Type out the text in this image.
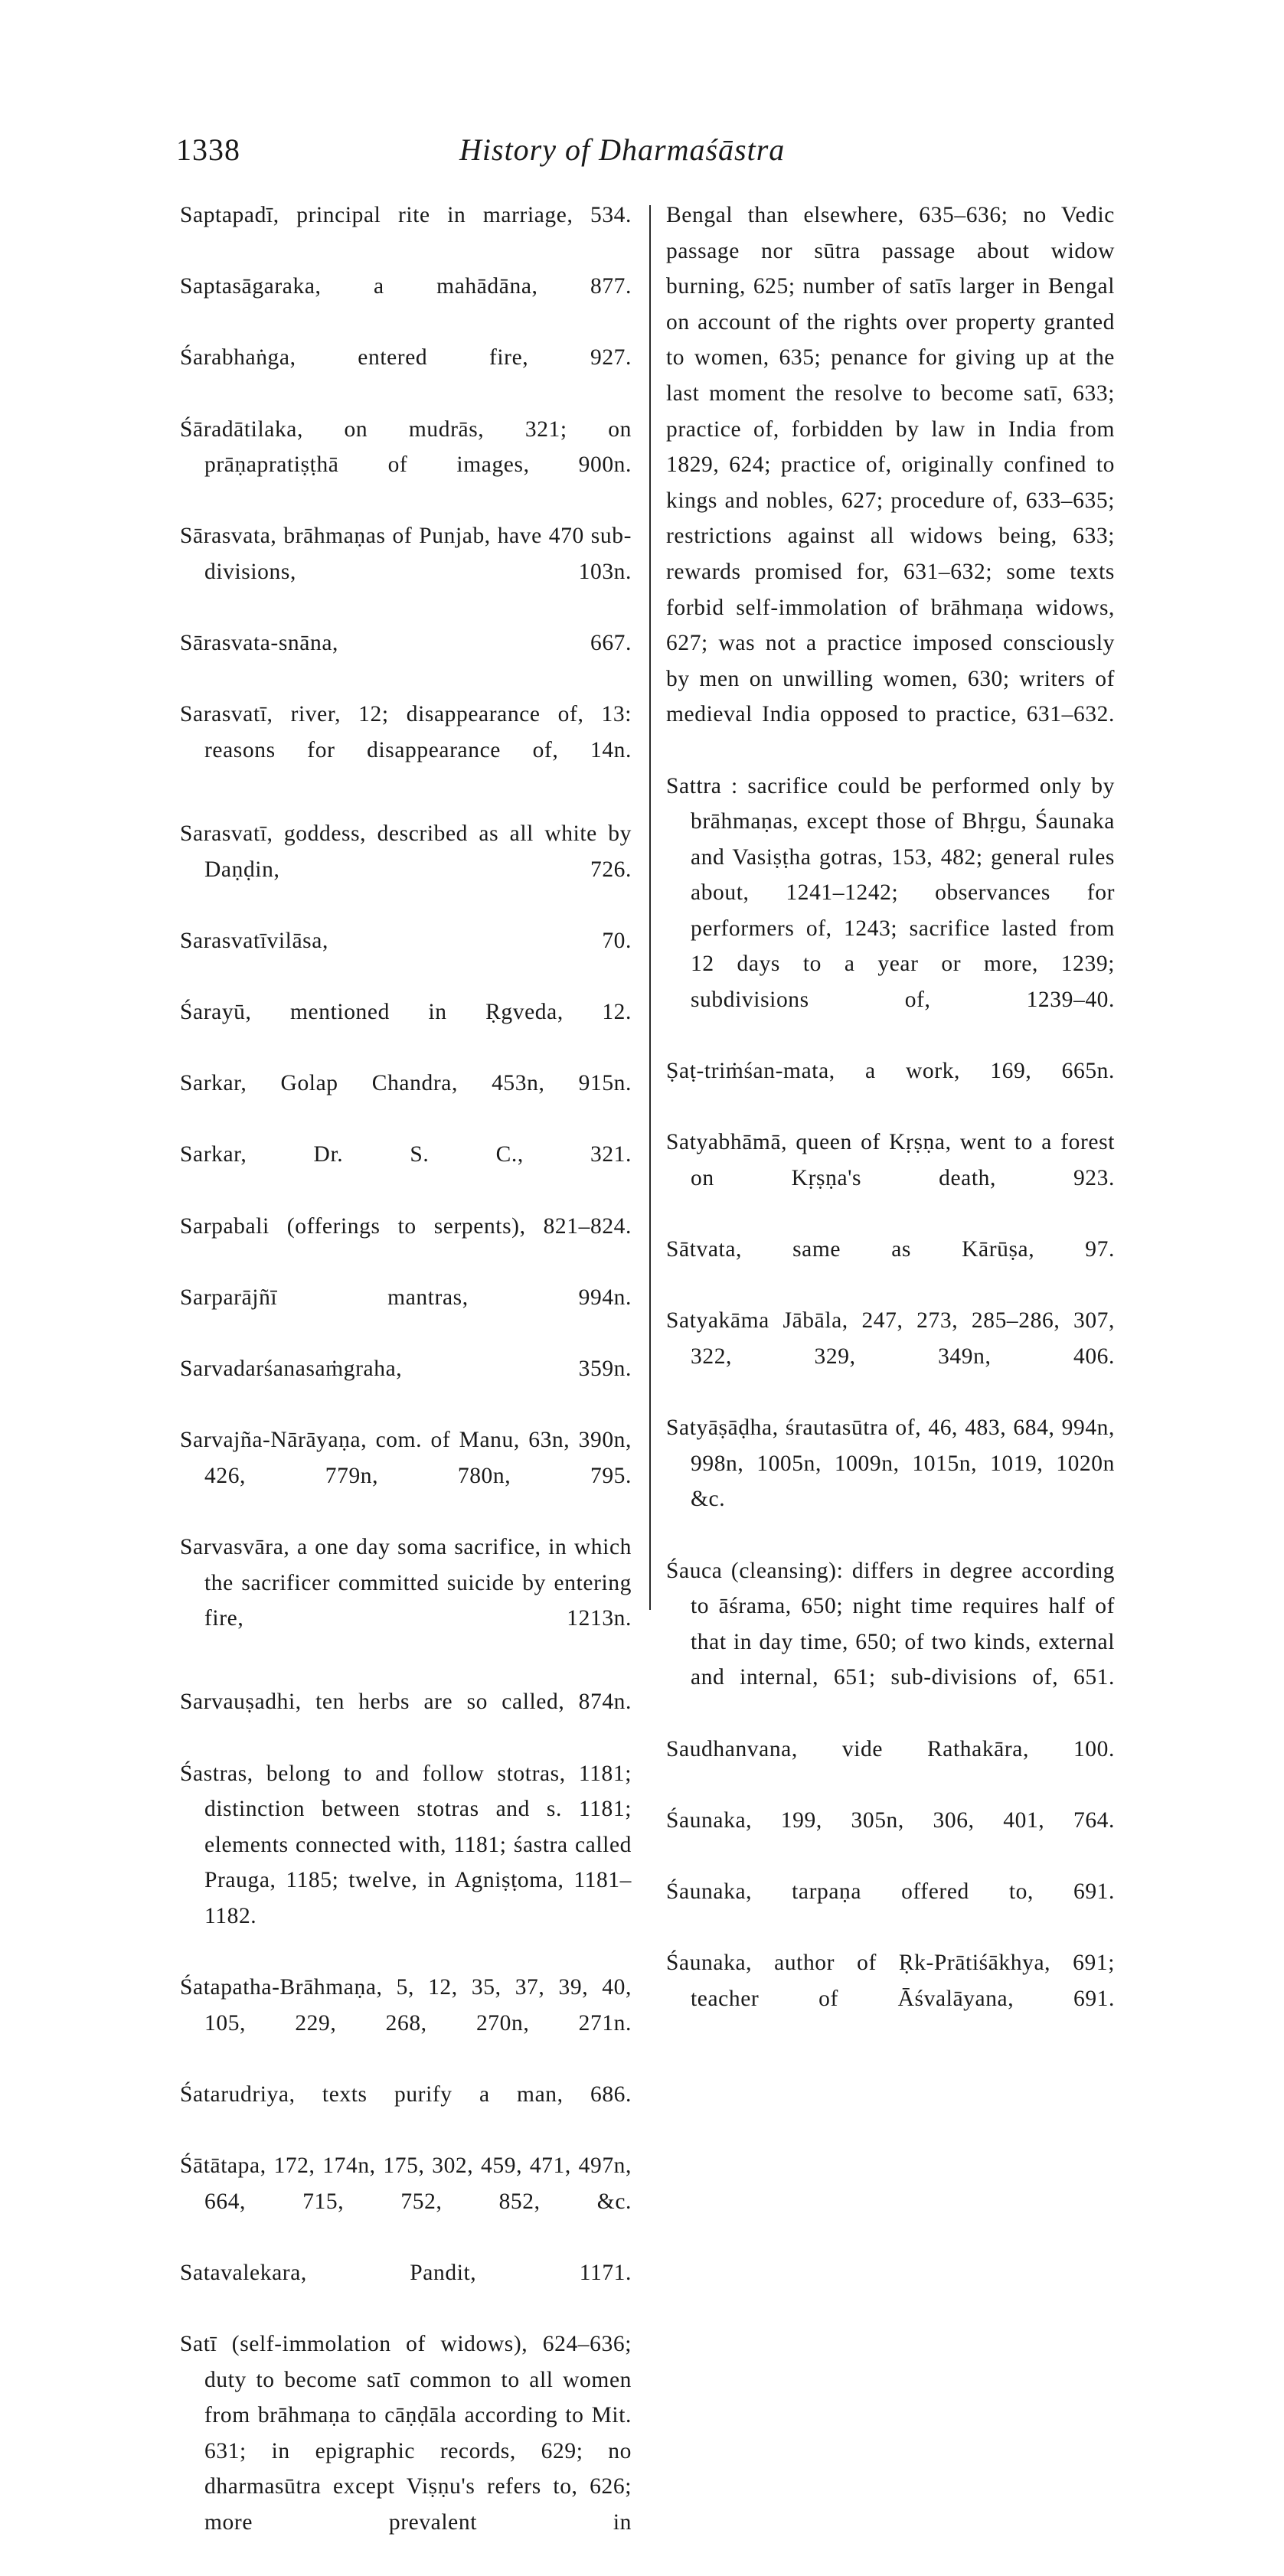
1338	History of Dharmaśāstra

Saptapadī, principal rite in marriage, 534.

Saptasāgaraka, a mahādāna, 877.

Śarabhaṅga, entered fire, 927.

Śāradātilaka, on mudrās, 321; on prāṇapratiṣṭhā of images, 900n.

Sārasvata, brāhmaṇas of Punjab, have 470 sub-divisions, 103n.

Sārasvata-snāna, 667.

Sarasvatī, river, 12; disappearance of, 13: reasons for disappearance of, 14n.

Sarasvatī, goddess, described as all white by Daṇḍin, 726.

Sarasvatīvilāsa, 70.

Śarayū, mentioned in Ṛgveda, 12.

Sarkar, Golap Chandra, 453n, 915n.

Sarkar, Dr. S. C., 321.

Sarpabali (offerings to serpents), 821–824.

Sarparājñī mantras, 994n.

Sarvadarśanasaṁgraha, 359n.

Sarvajña-Nārāyaṇa, com. of Manu, 63n, 390n, 426, 779n, 780n, 795.

Sarvasvāra, a one day soma sacrifice, in which the sacrificer committed suicide by entering fire, 1213n.

Sarvauṣadhi, ten herbs are so called, 874n.

Śastras, belong to and follow stotras, 1181; distinction between stotras and s. 1181; elements connected with, 1181; śastra called Prauga, 1185; twelve, in Agniṣṭoma, 1181–1182.

Śatapatha-Brāhmaṇa, 5, 12, 35, 37, 39, 40, 105, 229, 268, 270n, 271n.

Śatarudriya, texts purify a man, 686.

Śātātapa, 172, 174n, 175, 302, 459, 471, 497n, 664, 715, 752, 852, &c.

Satavalekara, Pandit, 1171.

Satī (self-immolation of widows), 624–636; duty to become satī common to all women from brāhmaṇa to cāṇḍāla according to Mit. 631; in epigraphic records, 629; no dharmasūtra except Viṣṇu's refers to, 626; more prevalent in

Bengal than elsewhere, 635–636; no Vedic passage nor sūtra passage about widow burning, 625; number of satīs larger in Bengal on account of the rights over property granted to women, 635; penance for giving up at the last moment the resolve to become satī, 633; practice of, forbidden by law in India from 1829, 624; practice of, originally confined to kings and nobles, 627; procedure of, 633–635; restrictions against all widows being, 633; rewards promised for, 631–632; some texts forbid self-immolation of brāhmaṇa widows, 627; was not a practice imposed consciously by men on unwilling women, 630; writers of medieval India opposed to practice, 631–632.

Sattra : sacrifice could be performed only by brāhmaṇas, except those of Bhṛgu, Śaunaka and Vasiṣṭha gotras, 153, 482; general rules about, 1241–1242; observances for performers of, 1243; sacrifice lasted from 12 days to a year or more, 1239; subdivisions of, 1239–40.

Ṣaṭ-triṁśan-mata, a work, 169, 665n.

Satyabhāmā, queen of Kṛṣṇa, went to a forest on Kṛṣṇa's death, 923.

Sātvata, same as Kārūṣa, 97.

Satyakāma Jābāla, 247, 273, 285–286, 307, 322, 329, 349n, 406.

Satyāṣāḍha, śrautasūtra of, 46, 483, 684, 994n, 998n, 1005n, 1009n, 1015n, 1019, 1020n &c.

Śauca (cleansing): differs in degree according to āśrama, 650; night time requires half of that in day time, 650; of two kinds, external and internal, 651; sub-divisions of, 651.

Saudhanvana, vide Rathakāra, 100.

Śaunaka, 199, 305n, 306, 401, 764.

Śaunaka, tarpaṇa offered to, 691.

Śaunaka, author of Ṛk-Prātiśākhya, 691; teacher of Āśvalāyana, 691.
